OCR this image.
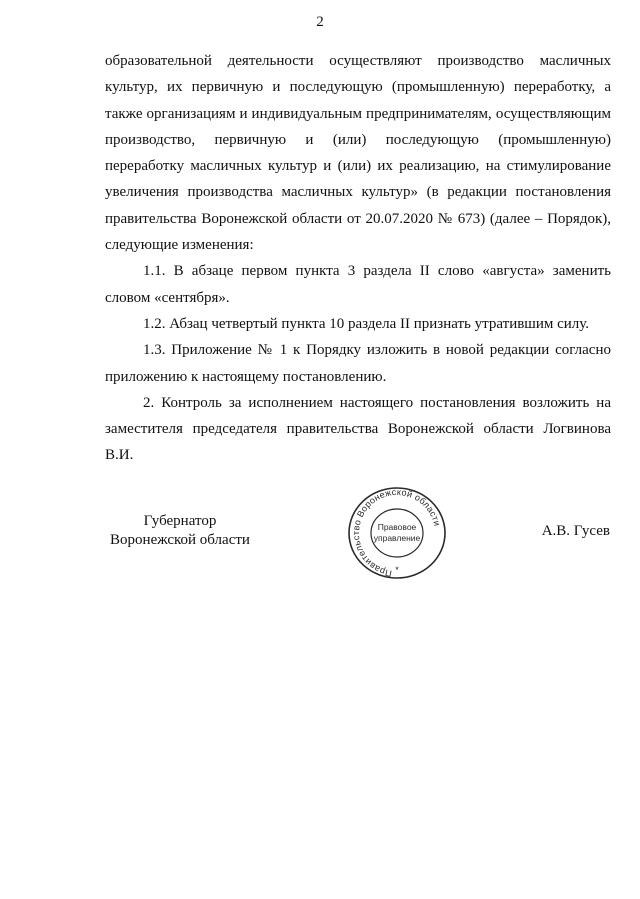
2

образовательной деятельности осуществляют производство масличных культур, их первичную и последующую (промышленную) переработку, а также организациям и индивидуальным предпринимателям, осуществляющим производство, первичную и (или) последующую (промышленную) переработку масличных культур и (или) их реализацию, на стимулирование увеличения производства масличных культур» (в редакции постановления правительства Воронежской области от 20.07.2020 № 673) (далее – Порядок), следующие изменения:

1.1. В абзаце первом пункта 3 раздела II слово «августа» заменить словом «сентября».

1.2. Абзац четвертый пункта 10 раздела II признать утратившим силу.

1.3. Приложение № 1 к Порядку изложить в новой редакции согласно приложению к настоящему постановлению.

2. Контроль за исполнением настоящего постановления возложить на заместителя председателя правительства Воронежской области Логвинова В.И.

Губернатор
Воронежской области
Правительство Воронежской области
Правовое
управление
*
А.В. Гусев
